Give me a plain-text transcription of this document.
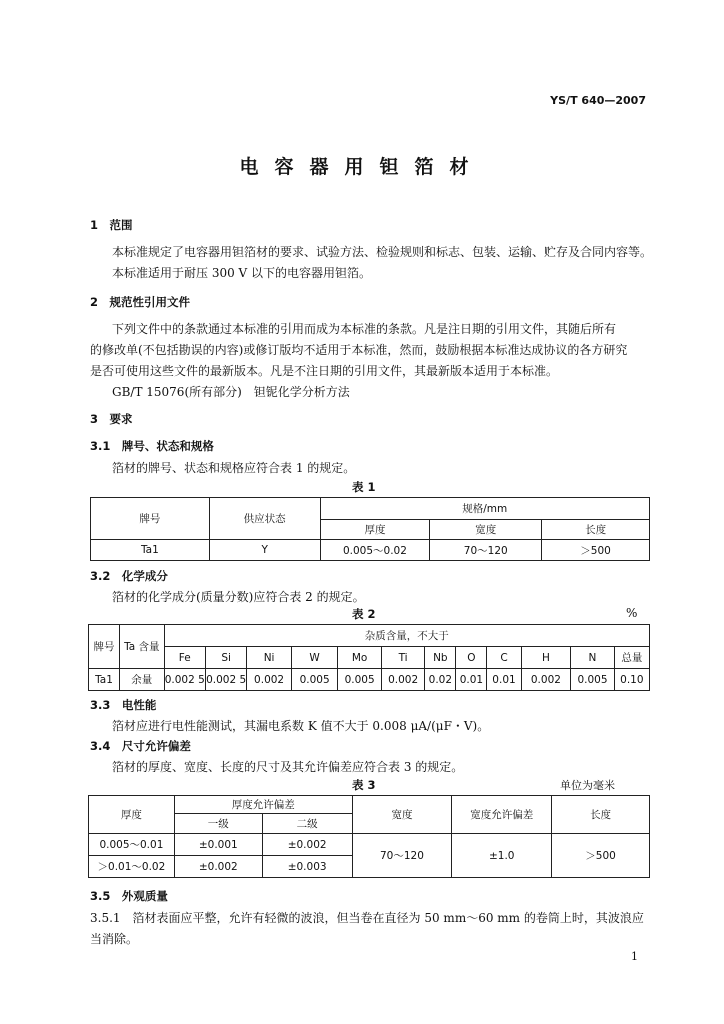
YS/T 640—2007
电容器用钽箔材
1　范围
本标准规定了电容器用钽箔材的要求、试验方法、检验规则和标志、包装、运输、贮存及合同内容等。
本标准适用于耐压 300 V 以下的电容器用钽箔。
2　规范性引用文件
下列文件中的条款通过本标准的引用而成为本标准的条款。凡是注日期的引用文件，其随后所有
的修改单(不包括勘误的内容)或修订版均不适用于本标准，然而，鼓励根据本标准达成协议的各方研究
是否可使用这些文件的最新版本。凡是不注日期的引用文件，其最新版本适用于本标准。
GB/T 15076(所有部分)　钽铌化学分析方法
3　要求
3.1　牌号、状态和规格
箔材的牌号、状态和规格应符合表 1 的规定。
表 1
牌号	供应状态	规格/mm		
		厚度	宽度	长度
Ta1	Y	0.005～0.02	70～120	＞500
3.2　化学成分
箔材的化学成分(质量分数)应符合表 2 的规定。
表 2	%
牌号	Ta 含量	杂质含量，不大于											
		Fe	Si	Ni	W	Mo	Ti	Nb	O	C	H	N	总量
Ta1	余量	0.002 5	0.002 5	0.002	0.005	0.005	0.002	0.02	0.01	0.01	0.002	0.005	0.10
3.3　电性能
箔材应进行电性能测试，其漏电系数 K 值不大于 0.008 μA/(μF・V)。
3.4　尺寸允许偏差
箔材的厚度、宽度、长度的尺寸及其允许偏差应符合表 3 的规定。
表 3	单位为毫米
厚度	厚度允许偏差		宽度	宽度允许偏差	长度
	一级	二级			
0.005～0.01	±0.001	±0.002	70～120	±1.0	＞500
＞0.01～0.02	±0.002	±0.003			
3.5　外观质量
3.5.1　箔材表面应平整，允许有轻微的波浪，但当卷在直径为 50 mm～60 mm 的卷筒上时，其波浪应
当消除。
1
